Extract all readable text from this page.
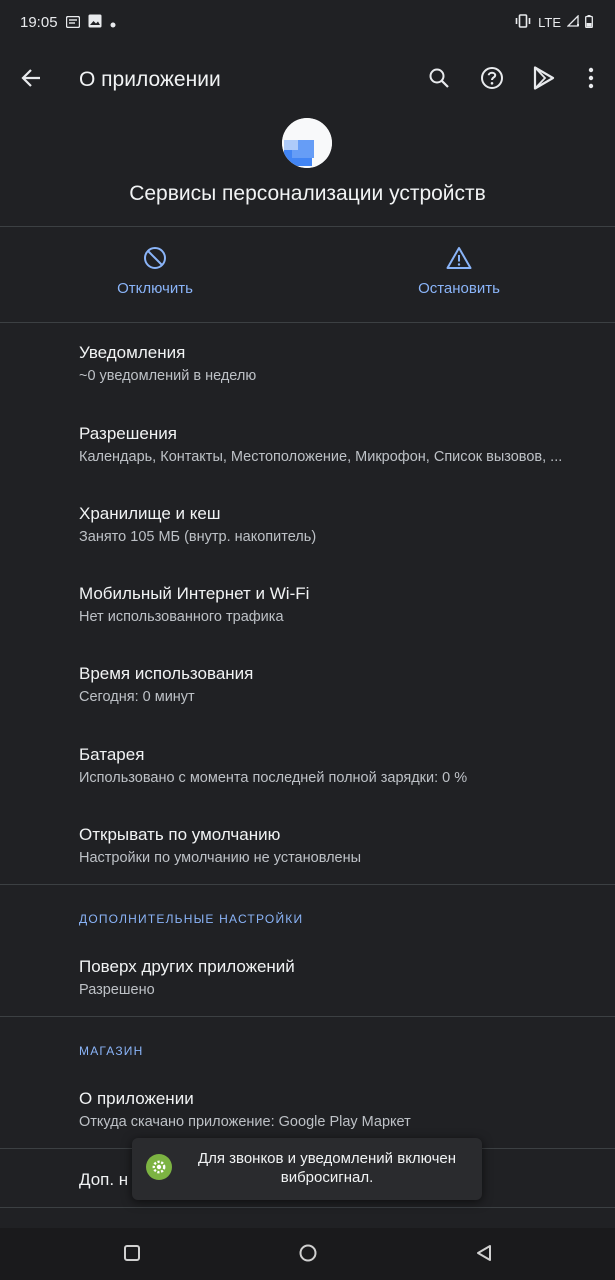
19:05	LTE
О приложении
Сервисы персонализации устройств
Отключить	Остановить
Уведомления
~0 уведомлений в неделю
Разрешения
Календарь, Контакты, Местоположение, Микрофон, Список вызовов, ...
Хранилище и кеш
Занято 105 МБ (внутр. накопитель)
Мобильный Интернет и Wi-Fi
Нет использованного трафика
Время использования
Сегодня: 0 минут
Батарея
Использовано с момента последней полной зарядки: 0 %
Открывать по умолчанию
Настройки по умолчанию не установлены
ДОПОЛНИТЕЛЬНЫЕ НАСТРОЙКИ
Поверх других приложений
Разрешено
МАГАЗИН
О приложении
Откуда скачано приложение: Google Play Маркет
Доп. н
Для звонков и уведомлений включен вибросигнал.
